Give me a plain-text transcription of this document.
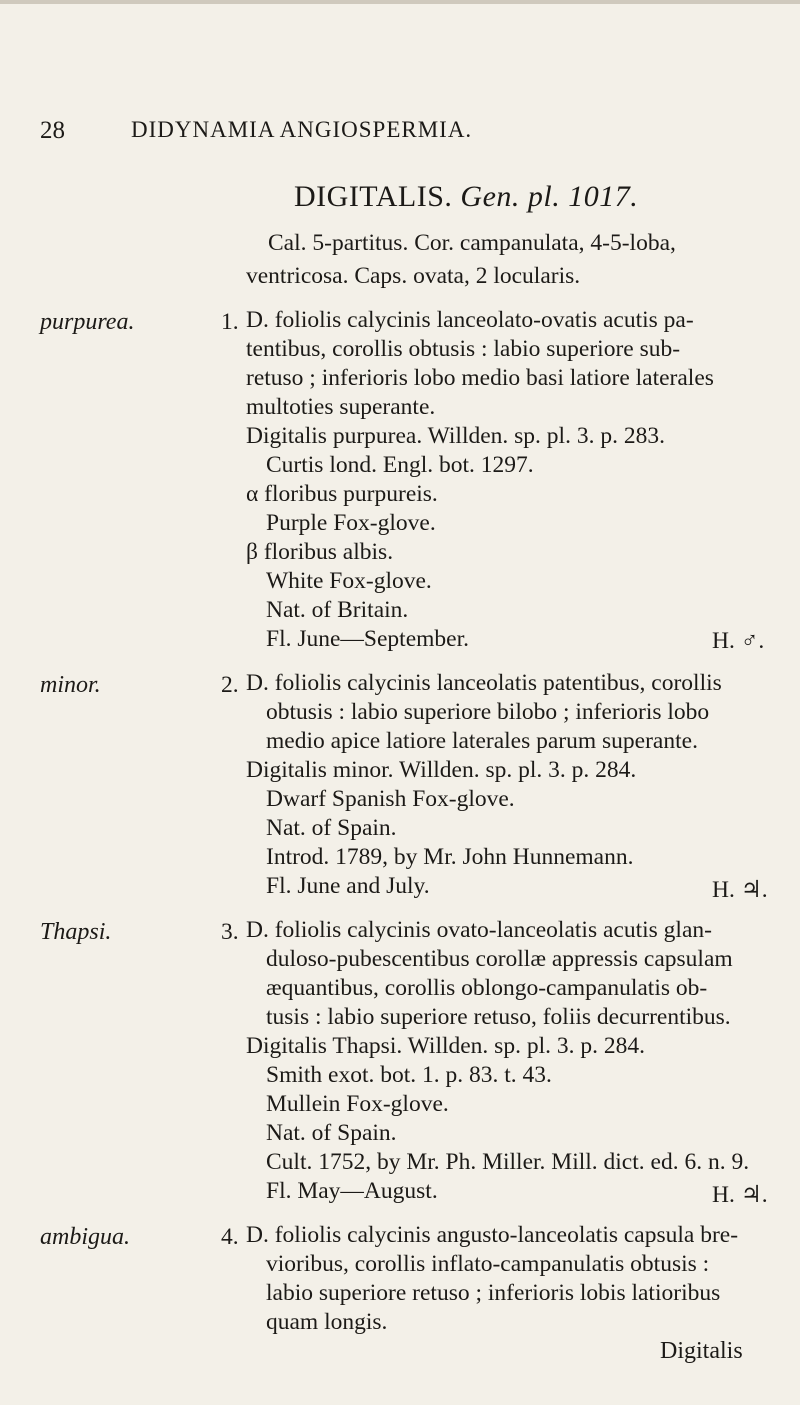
28	DIDYNAMIA ANGIOSPERMIA.
DIGITALIS. Gen. pl. 1017.
Cal. 5-partitus. Cor. campanulata, 4-5-loba,
ventricosa. Caps. ovata, 2 locularis.
purpurea.	1. D. foliolis calycinis lanceolato-ovatis acutis pa-
tentibus, corollis obtusis : labio superiore sub-
retuso ; inferioris lobo medio basi latiore laterales
multoties superante.
Digitalis purpurea. Willden. sp. pl. 3. p. 283.
Curtis lond. Engl. bot. 1297.
α floribus purpureis.
Purple Fox-glove.
β floribus albis.
White Fox-glove.
Nat. of Britain.
Fl. June—September.	H. ♂.
minor.	2. D. foliolis calycinis lanceolatis patentibus, corollis
obtusis : labio superiore bilobo ; inferioris lobo
medio apice latiore laterales parum superante.
Digitalis minor. Willden. sp. pl. 3. p. 284.
Dwarf Spanish Fox-glove.
Nat. of Spain.
Introd. 1789, by Mr. John Hunnemann.
Fl. June and July.	H. ♃.
Thapsi.	3. D. foliolis calycinis ovato-lanceolatis acutis glan-
duloso-pubescentibus corollæ appressis capsulam
æquantibus, corollis oblongo-campanulatis ob-
tusis : labio superiore retuso, foliis decurrentibus.
Digitalis Thapsi. Willden. sp. pl. 3. p. 284.
Smith exot. bot. 1. p. 83. t. 43.
Mullein Fox-glove.
Nat. of Spain.
Cult. 1752, by Mr. Ph. Miller. Mill. dict. ed. 6. n. 9.
Fl. May—August.	H. ♃.
ambigua.	4. D. foliolis calycinis angusto-lanceolatis capsula bre-
vioribus, corollis inflato-campanulatis obtusis :
labio superiore retuso ; inferioris lobis latioribus
quam longis.
Digitalis
